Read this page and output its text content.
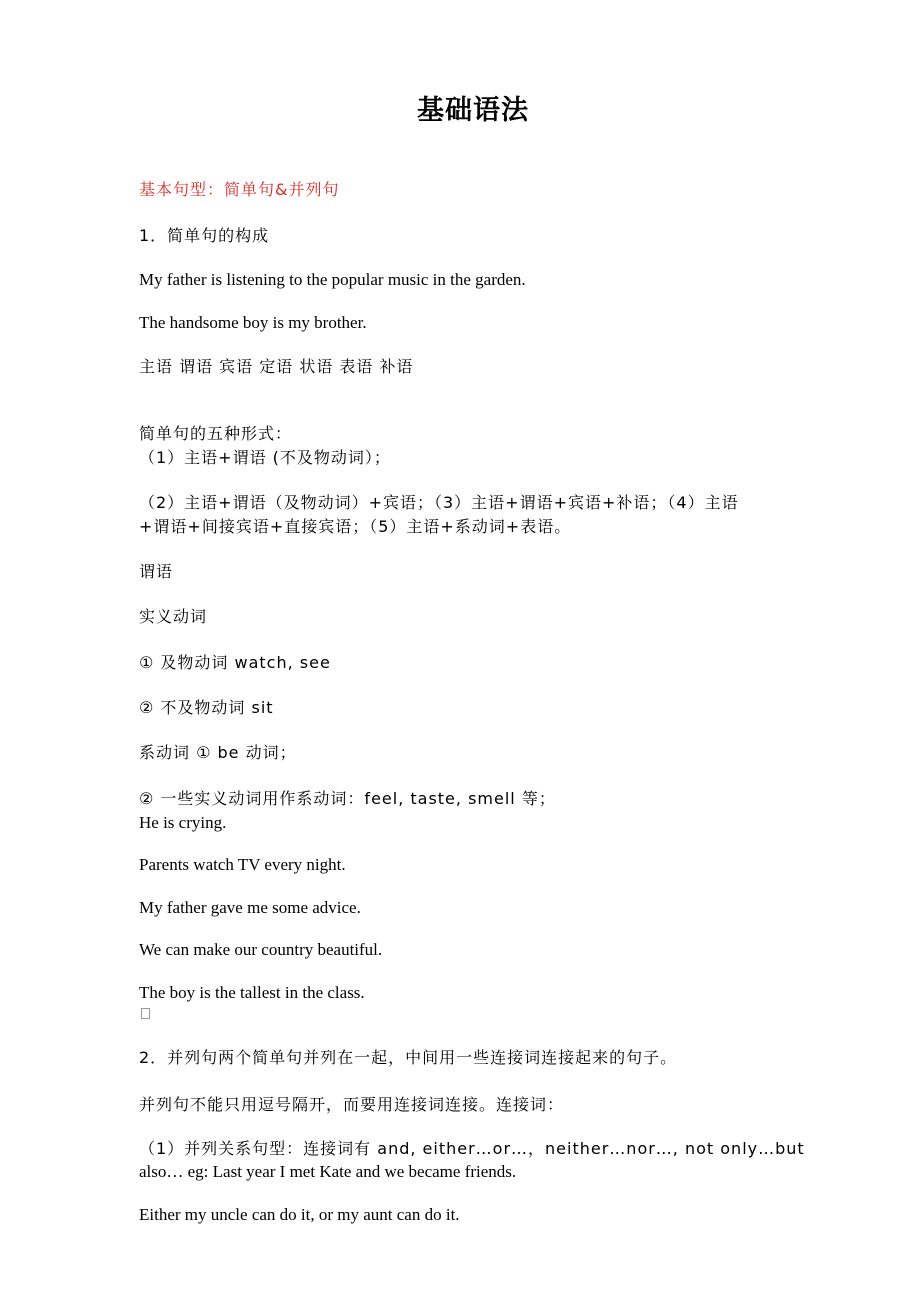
基础语法
基本句型：简单句&并列句
1．简单句的构成
My father is listening to the popular music in the garden.
The handsome boy is my brother.
主语 谓语 宾语 定语 状语 表语 补语
简单句的五种形式：
（1）主语+谓语 (不及物动词）；
（2）主语+谓语（及物动词）+宾语；（3）主语+谓语+宾语+补语；（4）主语
+谓语+间接宾语+直接宾语；（5）主语+系动词+表语。
谓语
实义动词
① 及物动词 watch, see
② 不及物动词 sit
系动词 ① be 动词；
② 一些实义动词用作系动词：feel, taste, smell 等；
He is crying.
Parents watch TV every night.
My father gave me some advice.
We can make our country beautiful.
The boy is the tallest in the class.
2．并列句两个简单句并列在一起，中间用一些连接词连接起来的句子。
并列句不能只用逗号隔开，而要用连接词连接。连接词：
（1）并列关系句型：连接词有 and, either…or…，neither…nor…, not only…but
also… eg: Last year I met Kate and we became friends.
Either my uncle can do it, or my aunt can do it.
